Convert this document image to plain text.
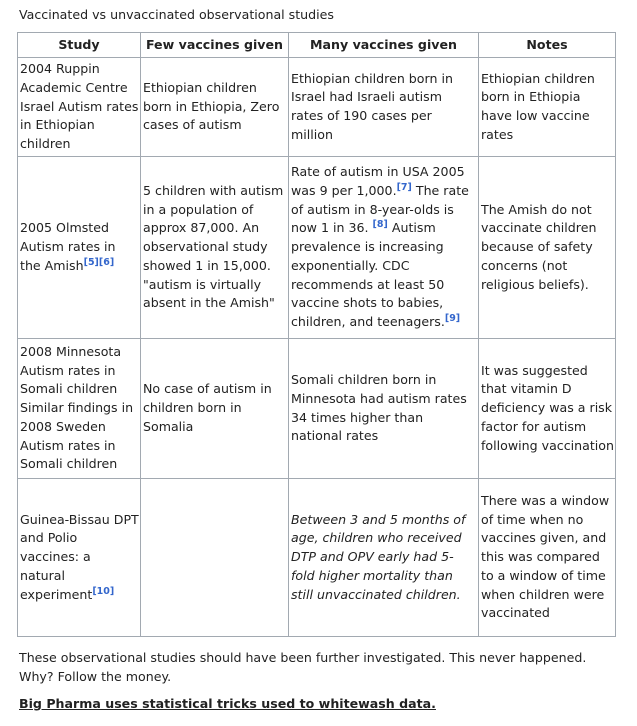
Vaccinated vs unvaccinated observational studies
Study	Few vaccines given	Many vaccines given	Notes
2004 Ruppin Academic Centre Israel Autism rates in Ethiopian children	Ethiopian children born in Ethiopia, Zero cases of autism	Ethiopian children born in Israel had Israeli autism rates of 190 cases per million	Ethiopian children born in Ethiopia have low vaccine rates
2005 Olmsted Autism rates in the Amish[5][6]	5 children with autism in a population of approx 87,000. An observational study showed 1 in 15,000. "autism is virtually absent in the Amish"	Rate of autism in USA 2005 was 9 per 1,000.[7] The rate of autism in 8-year-olds is now 1 in 36. [8] Autism prevalence is increasing exponentially. CDC recommends at least 50 vaccine shots to babies, children, and teenagers.[9]	The Amish do not vaccinate children because of safety concerns (not religious beliefs).
2008 Minnesota Autism rates in Somali children Similar findings in 2008 Sweden Autism rates in Somali children	No case of autism in children born in Somalia	Somali children born in Minnesota had autism rates 34 times higher than national rates	It was suggested that vitamin D deficiency was a risk factor for autism following vaccination
Guinea-Bissau DPT and Polio vaccines: a natural experiment[10]		Between 3 and 5 months of age, children who received DTP and OPV early had 5-fold higher mortality than still unvaccinated children.	There was a window of time when no vaccines given, and this was compared to a window of time when children were vaccinated
These observational studies should have been further investigated. This never happened. Why? Follow the money.
Big Pharma uses statistical tricks used to whitewash data.
